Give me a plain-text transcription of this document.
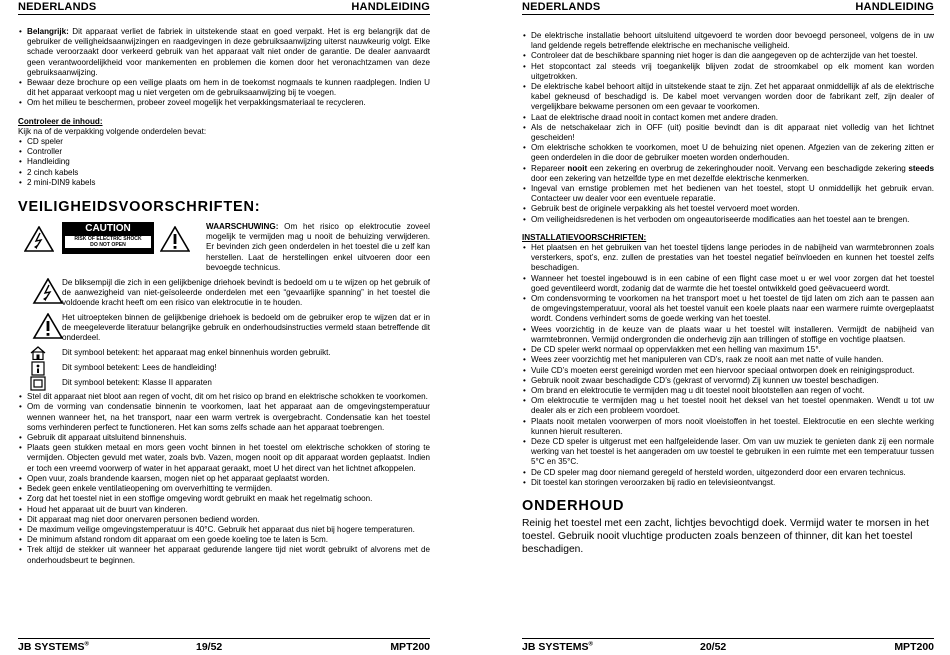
NEDERLANDS	HANDLEIDING
• Belangrijk: Dit apparaat verliet de fabriek in uitstekende staat en goed verpakt. Het is erg belangrijk dat de gebruiker de veiligheidsaanwijzingen en raadgevingen in deze gebruiksaanwijzing uiterst nauwkeurig volgt. Elke schade veroorzaakt door verkeerd gebruik van het apparaat valt niet onder de garantie. De dealer aanvaardt geen verantwoordelijkheid voor mankementen en problemen die komen door het veronachtzamen van deze gebruiksaanwijzing.
• Bewaar deze brochure op een veilige plaats om hem in de toekomst nogmaals te kunnen raadplegen. Indien U dit het apparaat verkoopt mag u niet vergeten om de gebruiksaanwijzing bij te voegen.
• Om het milieu te beschermen, probeer zoveel mogelijk het verpakkingsmateriaal te recycleren.
Controleer de inhoud:
Kijk na of de verpakking volgende onderdelen bevat:
• CD speler
• Controller
• Handleiding
• 2 cinch kabels
• 2 mini-DIN9 kabels
VEILIGHEIDSVOORSCHRIFTEN:
CAUTION
RISK OF ELECTRIC SHOCK
DO NOT OPEN
WAARSCHUWING: Om het risico op elektrocutie zoveel mogelijk te vermijden mag u nooit de behuizing verwijderen. Er bevinden zich geen onderdelen in het toestel die u zelf kan herstellen. Laat de herstellingen enkel uitvoeren door een bevoegde technicus.
De bliksempijl die zich in een gelijkbenige driehoek bevindt is bedoeld om u te wijzen op het gebruik of de aanwezigheid van niet-geïsoleerde onderdelen met een “gevaarlijke spanning” in het toestel die voldoende kracht heeft om een risico van elektrocutie in te houden.
Het uitroepteken binnen de gelijkbenige driehoek is bedoeld om de gebruiker erop te wijzen dat er in de meegeleverde literatuur belangrijke gebruik en onderhoudsinstructies vermeld staan betreffende dit onderdeel.
Dit symbool betekent: het apparaat mag enkel binnenhuis worden gebruikt.
Dit symbool betekent: Lees de handleiding!
Dit symbool betekent: Klasse II apparaten
• Stel dit apparaat niet bloot aan regen of vocht, dit om het risico op brand en elektrische schokken te voorkomen.
• Om de vorming van condensatie binnenin te voorkomen, laat het apparaat aan de omgevingstemperatuur wennen wanneer het, na het transport, naar een warm vertrek is overgebracht. Condensatie kan het toestel soms verhinderen perfect te functioneren. Het kan soms zelfs schade aan het apparaat toebrengen.
• Gebruik dit apparaat uitsluitend binnenshuis.
• Plaats geen stukken metaal en mors geen vocht binnen in het toestel om elektrische schokken of storing te vermijden. Objecten gevuld met water, zoals bvb. Vazen, mogen nooit op dit apparaat worden geplaatst. Indien er toch een vreemd voorwerp of water in het apparaat geraakt, moet U het direct van het lichtnet afkoppelen.
• Open vuur, zoals brandende kaarsen, mogen niet op het apparaat geplaatst worden.
• Bedek geen enkele ventilatieopening om oververhitting te vermijden.
• Zorg dat het toestel niet in een stoffige omgeving wordt gebruikt en maak het regelmatig schoon.
• Houd het apparaat uit de buurt van kinderen.
• Dit apparaat mag niet door onervaren personen bediend worden.
• De maximum veilige omgevingstemperatuur is 40°C. Gebruik het apparaat dus niet bij hogere temperaturen.
• De minimum afstand rondom dit apparaat om een goede koeling toe te laten is 5cm.
• Trek altijd de stekker uit wanneer het apparaat gedurende langere tijd niet wordt gebruikt of alvorens met de onderhoudsbeurt te beginnen.
JB SYSTEMS®	19/52	MPT200
NEDERLANDS	HANDLEIDING
• De elektrische installatie behoort uitsluitend uitgevoerd te worden door bevoegd personeel, volgens de in uw land geldende regels betreffende elektrische en mechanische veiligheid.
• Controleer dat de beschikbare spanning niet hoger is dan die aangegeven op de achterzijde van het toestel.
• Het stopcontact zal steeds vrij toegankelijk blijven zodat de stroomkabel op elk moment kan worden uitgetrokken.
• De elektrische kabel behoort altijd in uitstekende staat te zijn. Zet het apparaat onmiddellijk af als de elektrische kabel gekneusd of beschadigd is. De kabel moet vervangen worden door de fabrikant zelf, zijn dealer of vergelijkbare bekwame personen om een gevaar te voorkomen.
• Laat de elektrische draad nooit in contact komen met andere draden.
• Als de netschakelaar zich in OFF (uit) positie bevindt dan is dit apparaat niet volledig van het lichtnet gescheiden!
• Om elektrische schokken te voorkomen, moet U de behuizing niet openen. Afgezien van de zekering zitten er geen onderdelen in die door de gebruiker moeten worden onderhouden.
• Repareer nooit een zekering en overbrug de zekeringhouder nooit. Vervang een beschadigde zekering steeds door een zekering van hetzelfde type en met dezelfde elektrische kenmerken.
• Ingeval van ernstige problemen met het bedienen van het toestel, stopt U onmiddellijk het gebruik ervan. Contacteer uw dealer voor een eventuele reparatie.
• Gebruik best de originele verpakking als het toestel vervoerd moet worden.
• Om veiligheidsredenen is het verboden om ongeautoriseerde modificaties aan het toestel aan te brengen.
INSTALLATIEVOORSCHRIFTEN:
• Het plaatsen en het gebruiken van het toestel tijdens lange periodes in de nabijheid van warmtebronnen zoals versterkers, spot’s, enz. zullen de prestaties van het toestel negatief beïnvloeden en kunnen het toestel zelfs beschadigen.
• Wanneer het toestel ingebouwd is in een cabine of een flight case moet u er wel voor zorgen dat het toestel goed geventileerd wordt, zodanig dat de warmte die het toestel ontwikkeld goed geëvacueerd wordt.
• Om condensvorming te voorkomen na het transport moet u het toestel de tijd laten om zich aan te passen aan de omgevingstemperatuur, vooral als het toestel vanuit een koele plaats naar een warmere ruimte overgeplaatst wordt. Condens verhindert soms de goede werking van het toestel.
• Wees voorzichtig in de keuze van de plaats waar u het toestel wilt installeren. Vermijdt de nabijheid van warmtebronnen. Vermijd ondergronden die onderhevig zijn aan trillingen of stoffige en vochtige plaatsen.
• De CD speler werkt normaal op oppervlakken met een helling van maximum 15°.
• Wees zeer voorzichtig met het manipuleren van CD’s, raak ze nooit aan met natte of vuile handen.
• Vuile CD’s moeten eerst gereinigd worden met een hiervoor speciaal ontworpen doek en reinigingsproduct.
• Gebruik nooit zwaar beschadigde CD’s (gekrast of vervormd) Zij kunnen uw toestel beschadigen.
• Om brand en elektrocutie te vermijden mag u dit toestel nooit blootstellen aan regen of vocht.
• Om elektrocutie te vermijden mag u het toestel nooit het deksel van het toestel openmaken. Wendt u tot uw dealer als er zich een probleem voordoet.
• Plaats nooit metalen voorwerpen of mors nooit vloeistoffen in het toestel. Elektrocutie en een slechte werking kunnen hieruit resulteren.
• Deze CD speler is uitgerust met een halfgeleidende laser. Om van uw muziek te genieten dank zij een normale werking van het toestel is het aangeraden om uw toestel te gebruiken in een ruimte met een temperatuur tussen 5°C en 35°C.
• De CD speler mag door niemand geregeld of hersteld worden, uitgezonderd door een ervaren technicus.
• Dit toestel kan storingen veroorzaken bij radio en televisieontvangst.
ONDERHOUD
Reinig het toestel met een zacht, lichtjes bevochtigd doek. Vermijd water te morsen in het toestel. Gebruik nooit vluchtige producten zoals benzeen of thinner, dit kan het toestel beschadigen.
JB SYSTEMS®	20/52	MPT200
